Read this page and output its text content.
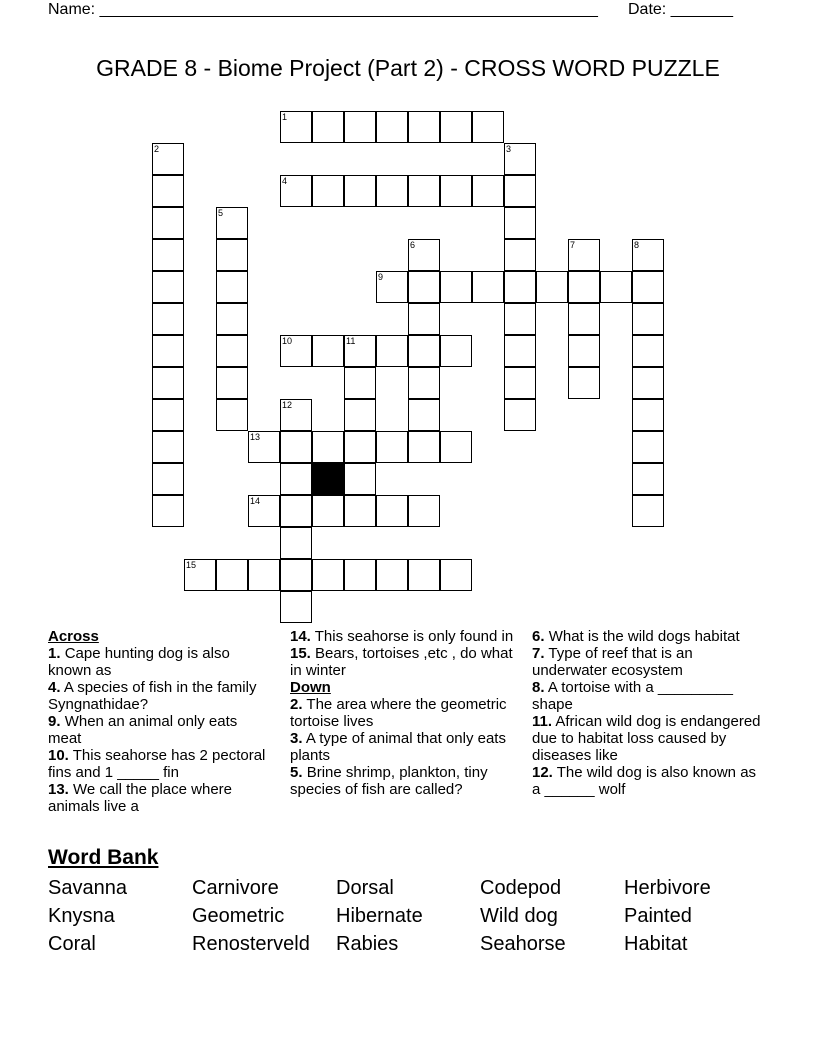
Name: ________________________________________________________ Date: _______
GRADE 8 - Biome Project (Part 2) - CROSS WORD PUZZLE
1
2	3
4
5
6	7	8
9
10	11
12
13
14
15
Across
1. Cape hunting dog is also known as
4. A species of fish in the family Syngnathidae?
9. When an animal only eats meat
10. This seahorse has 2 pectoral fins and 1 _____ fin
13. We call the place where animals live a
14. This seahorse is only found in
15. Bears, tortoises ,etc , do what in winter
Down
2. The area where the geometric tortoise lives
3. A type of animal that only eats plants
5. Brine shrimp, plankton, tiny species of fish are called?
6. What is the wild dogs habitat
7. Type of reef that is an underwater ecosystem
8. A tortoise with a _________ shape
11. African wild dog is endangered due to habitat loss caused by diseases like
12. The wild dog is also known as a ______ wolf
Word Bank
Savanna	Carnivore	Dorsal	Codepod	Herbivore
Knysna	Geometric	Hibernate	Wild dog	Painted
Coral	Renosterveld	Rabies	Seahorse	Habitat
